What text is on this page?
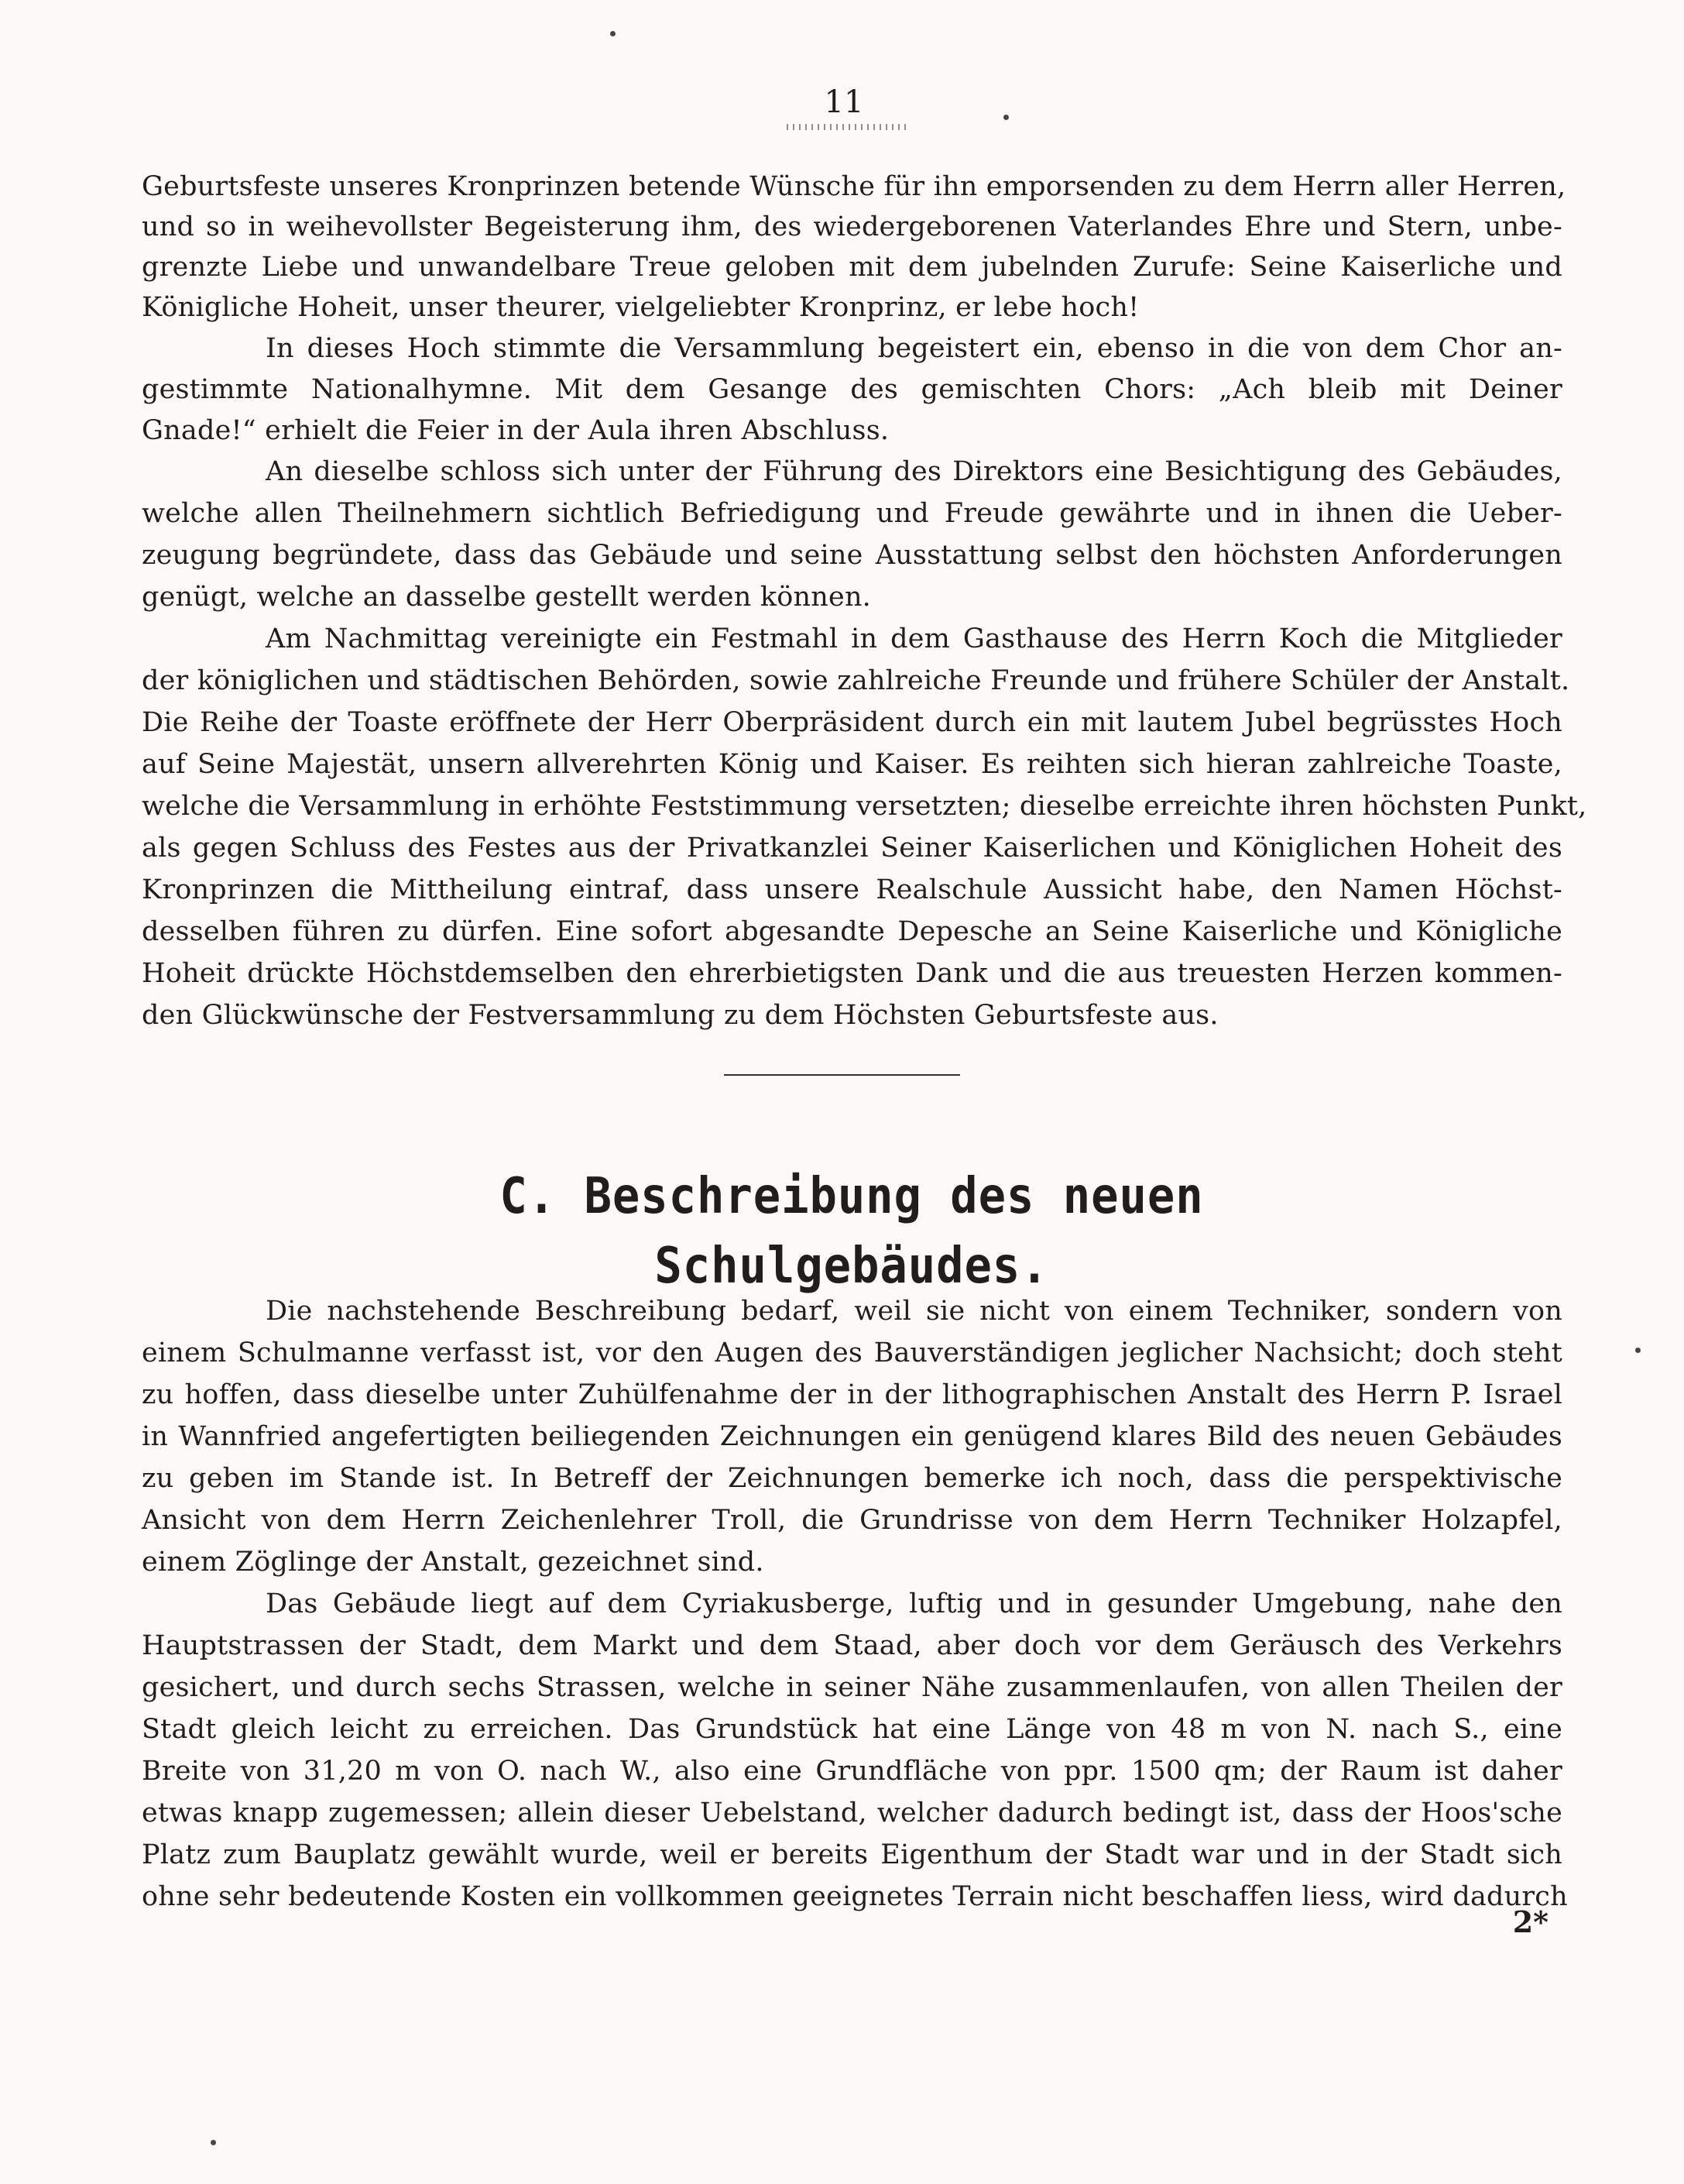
11
Geburtsfeste unseres Kronprinzen betende Wünsche für ihn emporsenden zu dem Herrn aller Herren,
und so in weihevollster Begeisterung ihm, des wiedergeborenen Vaterlandes Ehre und Stern, unbe-
grenzte Liebe und unwandelbare Treue geloben mit dem jubelnden Zurufe: Seine Kaiserliche und
Königliche Hoheit, unser theurer, vielgeliebter Kronprinz, er lebe hoch!
In dieses Hoch stimmte die Versammlung begeistert ein, ebenso in die von dem Chor an-
gestimmte Nationalhymne. Mit dem Gesange des gemischten Chors: „Ach bleib mit Deiner
Gnade!“ erhielt die Feier in der Aula ihren Abschluss.
An dieselbe schloss sich unter der Führung des Direktors eine Besichtigung des Gebäudes,
welche allen Theilnehmern sichtlich Befriedigung und Freude gewährte und in ihnen die Ueber-
zeugung begründete, dass das Gebäude und seine Ausstattung selbst den höchsten Anforderungen
genügt, welche an dasselbe gestellt werden können.
Am Nachmittag vereinigte ein Festmahl in dem Gasthause des Herrn Koch die Mitglieder
der königlichen und städtischen Behörden, sowie zahlreiche Freunde und frühere Schüler der Anstalt.
Die Reihe der Toaste eröffnete der Herr Oberpräsident durch ein mit lautem Jubel begrüsstes Hoch
auf Seine Majestät, unsern allverehrten König und Kaiser. Es reihten sich hieran zahlreiche Toaste,
welche die Versammlung in erhöhte Feststimmung versetzten; dieselbe erreichte ihren höchsten Punkt,
als gegen Schluss des Festes aus der Privatkanzlei Seiner Kaiserlichen und Königlichen Hoheit des
Kronprinzen die Mittheilung eintraf, dass unsere Realschule Aussicht habe, den Namen Höchst-
desselben führen zu dürfen. Eine sofort abgesandte Depesche an Seine Kaiserliche und Königliche
Hoheit drückte Höchstdemselben den ehrerbietigsten Dank und die aus treuesten Herzen kommen-
den Glückwünsche der Festversammlung zu dem Höchsten Geburtsfeste aus.
C. Beschreibung des neuen Schulgebäudes.
Die nachstehende Beschreibung bedarf, weil sie nicht von einem Techniker, sondern von
einem Schulmanne verfasst ist, vor den Augen des Bauverständigen jeglicher Nachsicht; doch steht
zu hoffen, dass dieselbe unter Zuhülfenahme der in der lithographischen Anstalt des Herrn P. Israel
in Wannfried angefertigten beiliegenden Zeichnungen ein genügend klares Bild des neuen Gebäudes
zu geben im Stande ist. In Betreff der Zeichnungen bemerke ich noch, dass die perspektivische
Ansicht von dem Herrn Zeichenlehrer Troll, die Grundrisse von dem Herrn Techniker Holzapfel,
einem Zöglinge der Anstalt, gezeichnet sind.
Das Gebäude liegt auf dem Cyriakusberge, luftig und in gesunder Umgebung, nahe den
Hauptstrassen der Stadt, dem Markt und dem Staad, aber doch vor dem Geräusch des Verkehrs
gesichert, und durch sechs Strassen, welche in seiner Nähe zusammenlaufen, von allen Theilen der
Stadt gleich leicht zu erreichen. Das Grundstück hat eine Länge von 48 m von N. nach S., eine
Breite von 31,20 m von O. nach W., also eine Grundfläche von ppr. 1500 qm; der Raum ist daher
etwas knapp zugemessen; allein dieser Uebelstand, welcher dadurch bedingt ist, dass der Hoos'sche
Platz zum Bauplatz gewählt wurde, weil er bereits Eigenthum der Stadt war und in der Stadt sich
ohne sehr bedeutende Kosten ein vollkommen geeignetes Terrain nicht beschaffen liess, wird dadurch
2*
